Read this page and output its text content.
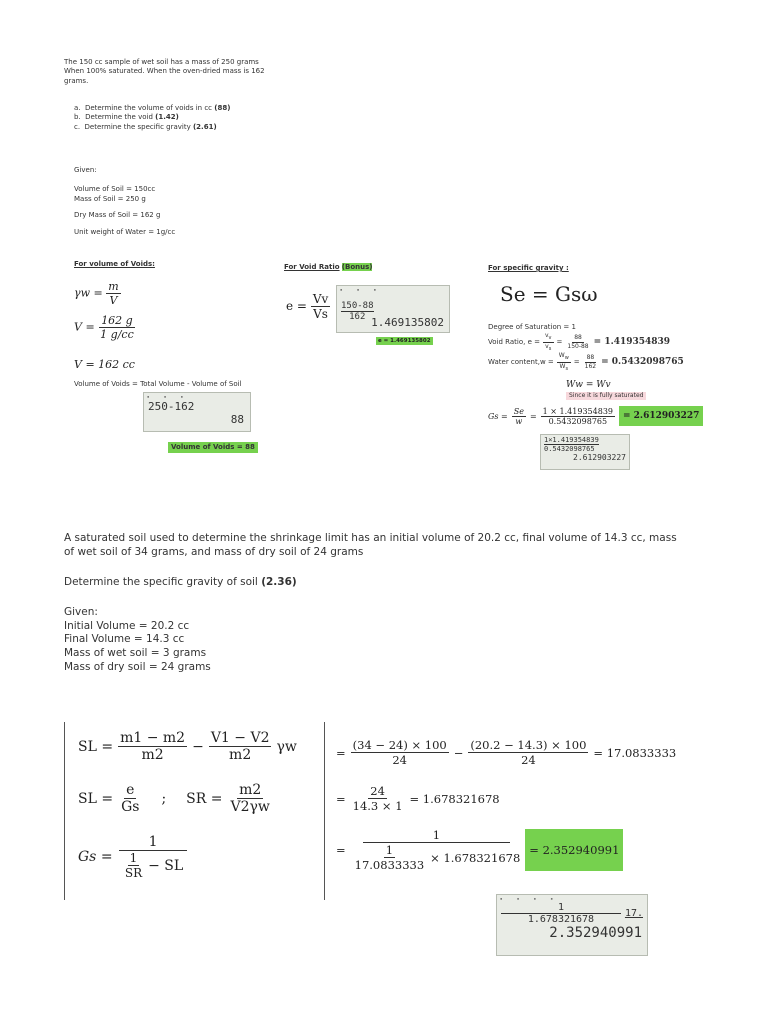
The 150 cc sample of wet soil has a mass of 250 grams
When 100% saturated. When the oven-dried mass is 162
grams.
a. Determine the volume of voids in cc (88)
b. Determine the void (1.42)
c. Determine the specific gravity (2.61)
Given:
Volume of Soil = 150cc
Mass of Soil = 250 g
Dry Mass of Soil = 162 g
Unit weight of Water = 1g/cc
For volume of Voids:
$\gamma w = \frac{m}{V}$
$V = \frac{162 g}{1 g/cc}$
V = 162 cc
Volume of Voids = Total Volume - Volume of Soil
▪ ▪ ▪
250-162
88
Volume of Voids = 88
For Void Ratio (Bonus)
$e = \frac{Vv}{Vs}$
▪ ▪ ▪
$\frac{150-88}{162}$
1.469135802
e = 1.469135802
For specific gravity :
Se = Gsω
Degree of Saturation = 1
Void Ratio, $e = \frac{v_v}{v_s} = \frac{88}{150-88} = 1.419354839$
Water content,w = $\frac{W_w}{W_s} = \frac{88}{162} = 0.5432098765$
Ww = Wv
Since it is fully saturated
$Gs = \frac{Se}{w} = \frac{1 \times 1.419354839}{0.5432098765} = 2.612903227$
1×1.419354839
0.5432098765
2.612903227
A saturated soil used to determine the shrinkage limit has an initial volume of 20.2 cc, final volume of 14.3 cc, mass
of wet soil of 34 grams, and mass of dry soil of 24 grams
Determine the specific gravity of soil (2.36)
Given:
Initial Volume = 20.2 cc
Final Volume = 14.3 cc
Mass of wet soil = 3 grams
Mass of dry soil = 24 grams
SL = $\frac{m1 - m2}{m2} - \frac{V1 - V2}{m2}$ γw
SL = $\frac{e}{Gs}$ ; SR = $\frac{m2}{V2\gamma w}$
$Gs = \frac{1}{\frac{1}{SR} - SL}$
= $\frac{(34 - 24) \times 100}{24} - \frac{(20.2 - 14.3) \times 100}{24} = 17.0833333$
= $\frac{24}{14.3 \times 1} = 1.678321678$
= $\frac{1}{\frac{1}{17.0833333} \times 1.678321678} = 2.352940991$
▪ ▪ ▪ ▪
$\frac{1}{1.678321678} 17$.
2.352940991
